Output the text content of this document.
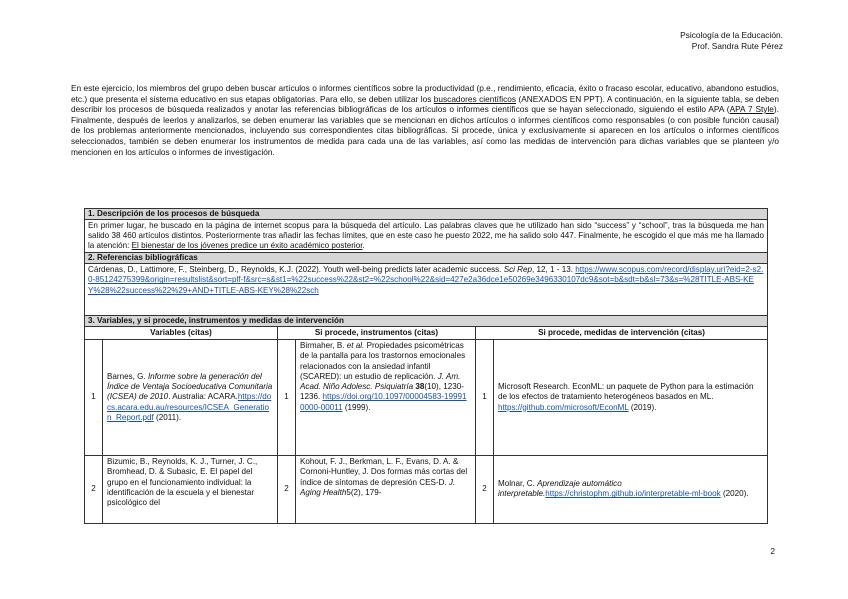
Psicología de la Educación.
Prof. Sandra Rute Pérez
En este ejercicio, los miembros del grupo deben buscar artículos o informes científicos sobre la productividad (p.e., rendimiento, eficacia, éxito o fracaso escolar, educativo, abandono estudios, etc.) que presenta el sistema educativo en sus etapas obligatorias. Para ello, se deben utilizar los buscadores científicos (ANEXADOS EN PPT). A continuación, en la siguiente tabla, se deben describir los procesos de búsqueda realizados y anotar las referencias bibliográficas de los artículos o informes científicos que se hayan seleccionado, siguiendo el estilo APA (APA 7 Style). Finalmente, después de leerlos y analizarlos, se deben enumerar las variables que se mencionan en dichos artículos o informes científicos como responsables (o con posible función causal) de los problemas anteriormente mencionados, incluyendo sus correspondientes citas bibliográficas. Si procede, única y exclusivamente si aparecen en los artículos o informes científicos seleccionados, también se deben enumerar los instrumentos de medida para cada una de las variables, así como las medidas de intervención para dichas variables que se planteen y/o mencionen en los artículos o informes de investigación.
1. Descripción de los procesos de búsqueda					
En primer lugar, he buscado en la página de internet scopus para la búsqueda del artículo. Las palabras claves que he utilizado han sido “success” y “school”, tras la búsqueda me han salido 38 460 artículos distintos. Posteriormente tras añadir las fechas límites, que en este caso he puesto 2022, me ha salido solo 447. Finalmente, he escogido el que más me ha llamado la atención: El bienestar de los jóvenes predice un éxito académico posterior.					
2. Referencias bibliográficas					
Cárdenas, D., Lattimore, F., Steinberg, D., Reynolds, K.J. (2022). Youth well-being predicts later academic success. Sci Rep, 12, 1 - 13. https://www.scopus.com/record/display.uri?eid=2-s2.0-85124275399&origin=resultslist&sort=plf-f&src=s&st1=%22success%22&st2=%22school%22&sid=427e2a36dce1e50269e3496330107dc9&sot=b&sdt=b&sl=73&s=%28TITLE-ABS-KEY%28%22success%22%29+AND+TITLE-ABS-KEY%28%22sch					
3. Variables, y si procede, instrumentos y medidas de intervención					
Variables (citas)		Si procede, instrumentos (citas)		Si procede, medidas de intervención (citas)	
1	Barnes, G. Informe sobre la generación del Índice de Ventaja Socioeducativa Comunitaria (ICSEA) de 2010. Australia: ACARA.https://docs.acara.edu.au/resources/ICSEA_Generation_Report.pdf (2011).	1	Birmaher, B. et al. Propiedades psicométricas de la pantalla para los trastornos emocionales relacionados con la ansiedad infantil (SCARED): un estudio de replicación. J. Am. Acad. Niño Adolesc. Psiquiatría 38(10), 1230-1236. https://doi.org/10.1097/00004583-199910000-00011 (1999).	1	Microsoft Research. EconML: un paquete de Python para la estimación de los efectos de tratamiento heterogéneos basados en ML. https://github.com/microsoft/EconML (2019).
2	Bizumic, B., Reynolds, K. J., Turner, J. C., Bromhead, D. & Subasic, E. El papel del grupo en el funcionamiento individual: la identificación de la escuela y el bienestar psicológico del	2	Kohout, F. J., Berkman, L. F., Evans, D. A. & Cornoni-Huntley, J. Dos formas más cortas del índice de síntomas de depresión CES-D. J. Aging Health5(2), 179-	2	Molnar, C. Aprendizaje automático interpretable.https://christophm.github.io/interpretable-ml-book (2020).
2
